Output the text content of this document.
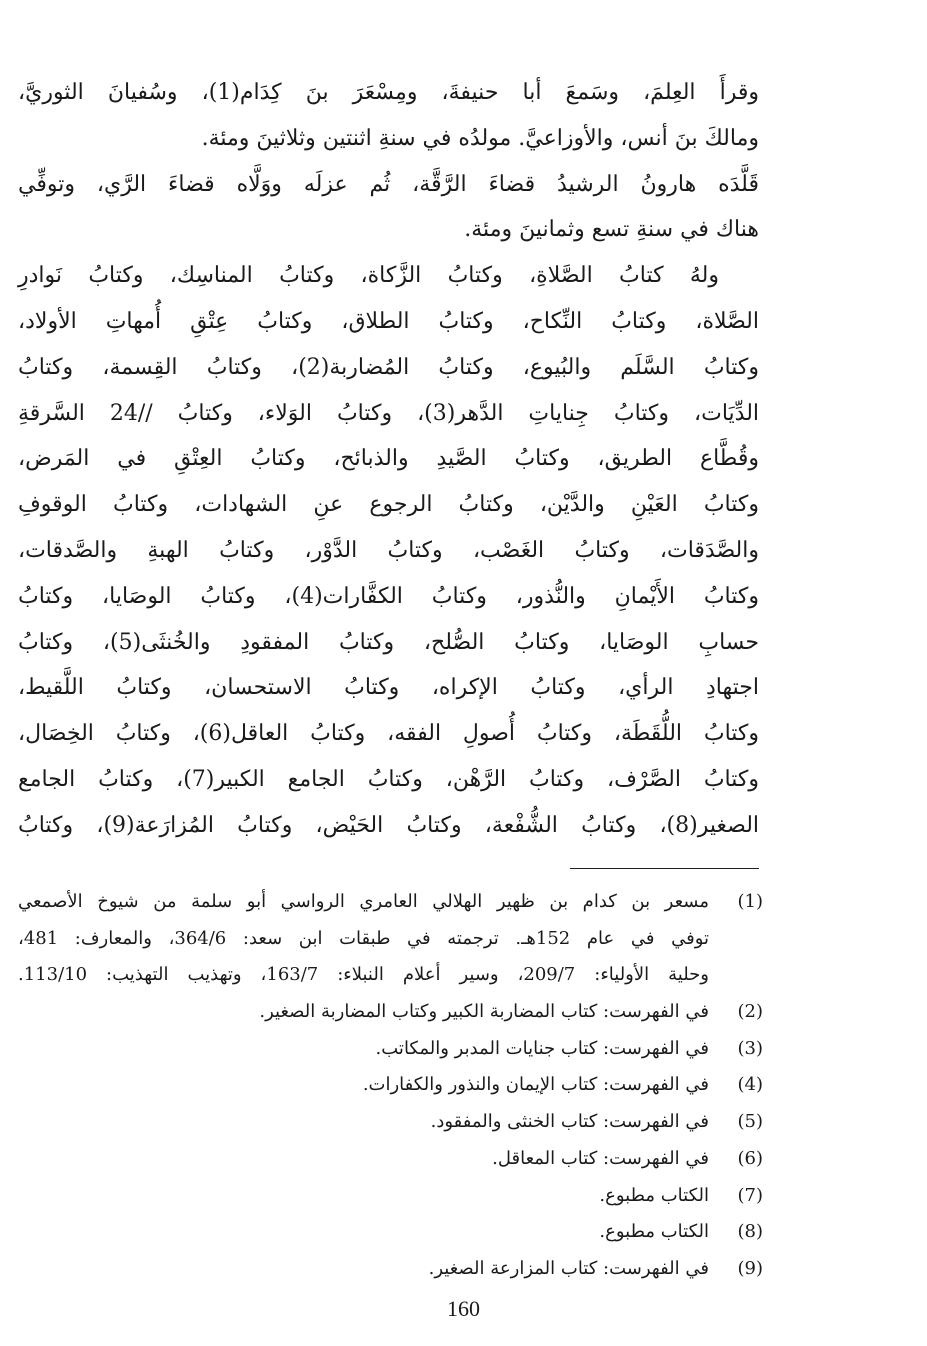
وقرأَ العِلمَ، وسَمعَ أبا حنيفةَ، ومِسْعَرَ بنَ كِدَام(1)، وسُفيانَ الثوريَّ،
ومالكَ بنَ أنس، والأوزاعيَّ. مولدُه في سنةِ اثنتين وثلاثينَ ومئة.
قَلَّدَه هارونُ الرشيدُ قضاءَ الرَّقَّة، ثُم عزلَه ووَلَّاه قضاءَ الرَّي، وتوفِّي
هناك في سنةِ تسع وثمانينَ ومئة.
ولهُ كتابُ الصَّلاةِ، وكتابُ الزَّكاة، وكتابُ المناسِك، وكتابُ نَوادرِ
الصَّلاة، وكتابُ النِّكاح، وكتابُ الطلاق، وكتابُ عِتْقِ أُمهاتِ الأولاد،
وكتابُ السَّلَم والبُيوع، وكتابُ المُضاربة(2)، وكتابُ القِسمة، وكتابُ
الدِّيَات، وكتابُ جِناياتِ الدَّهر(3)، وكتابُ الوَلاء، وكتابُ //24 السَّرقةِ
وقُطَّاع الطريق، وكتابُ الصَّيدِ والذبائح، وكتابُ العِتْقِ في المَرض،
وكتابُ العَيْنِ والدَّيْن، وكتابُ الرجوع عنِ الشهادات، وكتابُ الوقوفِ
والصَّدَقات، وكتابُ الغَصْب، وكتابُ الدَّوْر، وكتابُ الهبةِ والصَّدقات،
وكتابُ الأَيْمانِ والنُّذور، وكتابُ الكفَّارات(4)، وكتابُ الوصَايا، وكتابُ
حسابِ الوصَايا، وكتابُ الصُّلح، وكتابُ المفقودِ والخُنثَى(5)، وكتابُ
اجتهادِ الرأي، وكتابُ الإكراه، وكتابُ الاستحسان، وكتابُ اللَّقيط،
وكتابُ اللُّقَطَة، وكتابُ أُصولِ الفقه، وكتابُ العاقل(6)، وكتابُ الخِصَال،
وكتابُ الصَّرْف، وكتابُ الرَّهْن، وكتابُ الجامع الكبير(7)، وكتابُ الجامع
الصغير(8)، وكتابُ الشُّفْعة، وكتابُ الحَيْض، وكتابُ المُزارَعة(9)، وكتابُ
(1)
مسعر بن كدام بن ظهير الهلالي العامري الرواسي أبو سلمة من شيوخ الأصمعي
توفي في عام 152هـ. ترجمته في طبقات ابن سعد: 364/6، والمعارف: 481،
وحلية الأولياء: 209/7، وسير أعلام النبلاء: 163/7، وتهذيب التهذيب: 113/10.
(2)
في الفهرست: كتاب المضاربة الكبير وكتاب المضاربة الصغير.
(3)
في الفهرست: كتاب جنايات المدبر والمكاتب.
(4)
في الفهرست: كتاب الإيمان والنذور والكفارات.
(5)
في الفهرست: كتاب الخنثى والمفقود.
(6)
في الفهرست: كتاب المعاقل.
(7)
الكتاب مطبوع.
(8)
الكتاب مطبوع.
(9)
في الفهرست: كتاب المزارعة الصغير.
160
